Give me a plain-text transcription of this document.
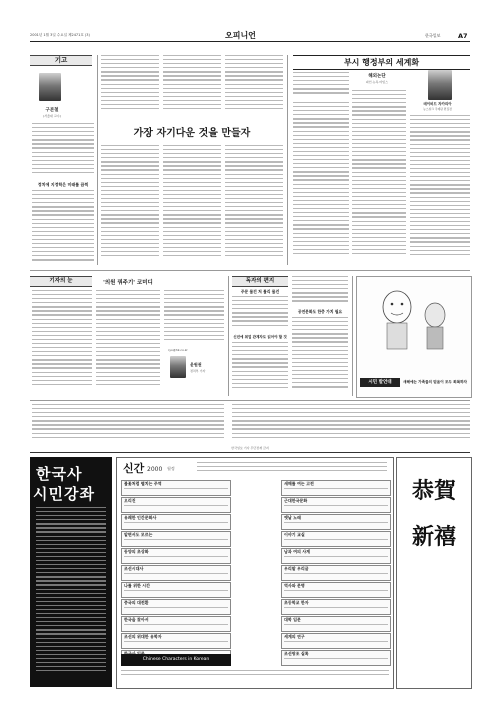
2001년 1월 3일 수요일 제2471호 (3)	오피니언	한국일보	A7
기고
구본철
(서울대 교수)
정치에 지정학은 미래를 끔찍
가장 자기다운 것을 만들자
부시 행정부의 세계화
해외논단
파인·뉴욕·타임스
데이비드 자카리아
뉴스위크 국제판 편집장
기자의 눈	'의원 꿔주기' 코미디
ryo@hk.co.kr
윤원권
정치부 기자
독자의 편지
주문 물건 처 틀리 물건
신년에 취업 관계자도 읽어야 할 것
공연문화도 한층 가치 필요
시민 발언대	새해에는 가족들의 믿음이 모두 회복하자
한국일보 기사 무단전재 금지
한국사
시민강좌
신간 2000 월정
불꽃처럼 펼치는 주역
오리진
유쾌한 인간문화사
알면서도 모르는
동양의 초상화
조선시대사
나를 위한 시간
중국의 대전환
한국을 찾아서
조선의 위대한 유학자
새해를 여는 고전
근대한국문화
옛날 노래
이야기 교실
남과 여의 사계
우리말 우리글
역사와 문명
초등학교 한자
대학 입문
세계의 연구
조선왕조 실록
Chinese Characters in Korean
恭賀新禧
